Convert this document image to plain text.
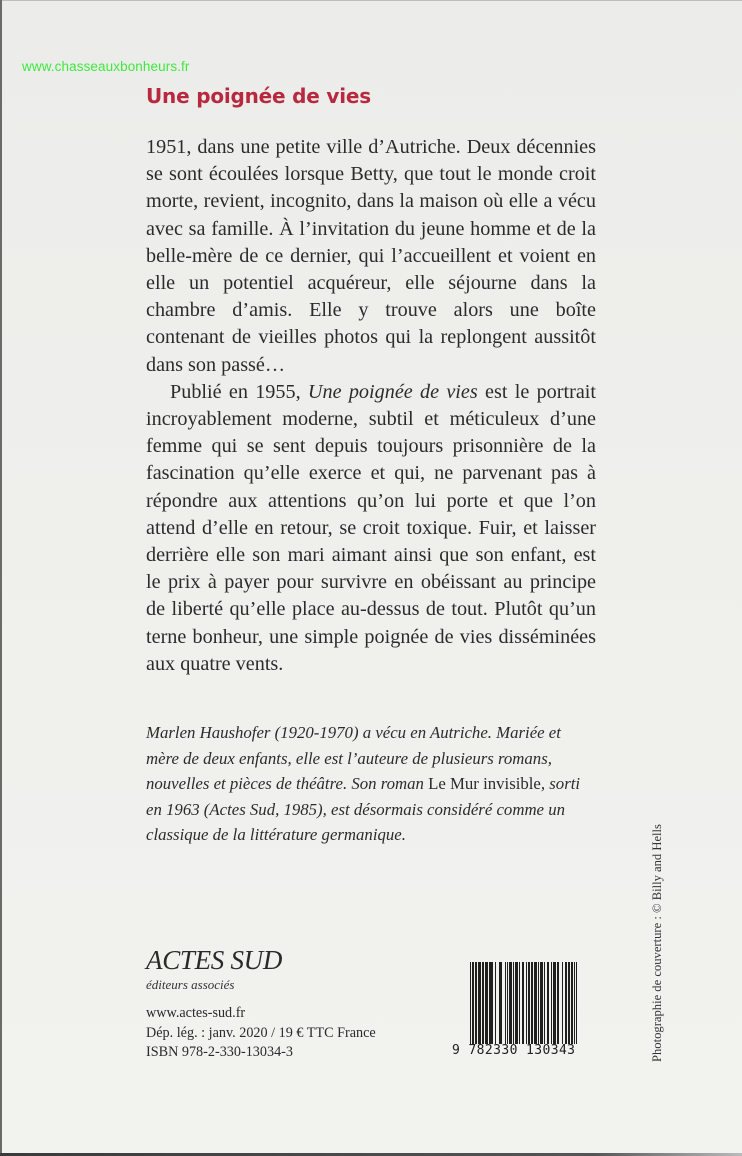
www.chasseauxbonheurs.fr
Une poignée de vies

1951, dans une petite ville d’Autriche. Deux décennies se sont écoulées lorsque Betty, que tout le monde croit morte, revient, incognito, dans la maison où elle a vécu avec sa famille. À l’invitation du jeune homme et de la belle-mère de ce dernier, qui l’accueillent et voient en elle un potentiel acquéreur, elle séjourne dans la chambre d’amis. Elle y trouve alors une boîte contenant de vieilles photos qui la replongent aussitôt dans son passé…

Publié en 1955, Une poignée de vies est le portrait incroyablement moderne, subtil et méticuleux d’une femme qui se sent depuis toujours prisonnière de la fascination qu’elle exerce et qui, ne parvenant pas à répondre aux attentions qu’on lui porte et que l’on attend d’elle en retour, se croit toxique. Fuir, et laisser derrière elle son mari aimant ainsi que son enfant, est le prix à payer pour survivre en obéissant au principe de liberté qu’elle place au-dessus de tout. Plutôt qu’un terne bonheur, une simple poignée de vies disséminées aux quatre vents.

Marlen Haushofer (1920-1970) a vécu en Autriche. Mariée et mère de deux enfants, elle est l’auteure de plusieurs romans, nouvelles et pièces de théâtre. Son roman Le Mur invisible, sorti en 1963 (Actes Sud, 1985), est désormais considéré comme un classique de la littérature germanique.
ACTES SUD
éditeurs associés
www.actes-sud.fr
Dép. lég. : janv. 2020 / 19 € TTC France
ISBN 978-2-330-13034-3	9 782330 130343	Photographie de couverture : © Billy and Hells
